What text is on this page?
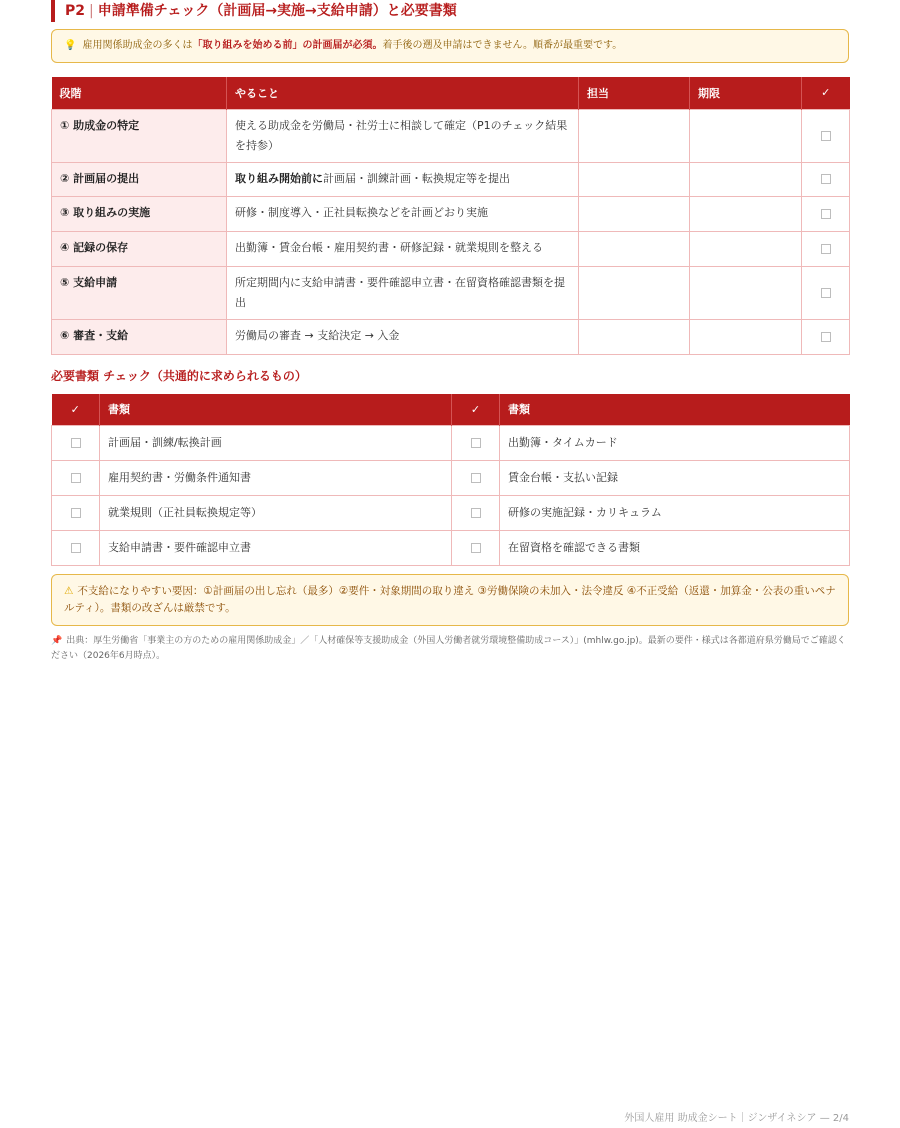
P2 | 申請準備チェック（計画届→実施→支給申請）と必要書類
💡 雇用関係助成金の多くは「取り組みを始める前」の計画届が必須。着手後の遡及申請はできません。順番が最重要です。
段階	やること	担当	期限	✓
① 助成金の特定	使える助成金を労働局・社労士に相談して確定（P1のチェック結果を持参）			
② 計画届の提出	取り組み開始前に計画届・訓練計画・転換規定等を提出			
③ 取り組みの実施	研修・制度導入・正社員転換などを計画どおり実施			
④ 記録の保存	出勤簿・賃金台帳・雇用契約書・研修記録・就業規則を整える			
⑤ 支給申請	所定期間内に支給申請書・要件確認申立書・在留資格確認書類を提出			
⑥ 審査・支給	労働局の審査 → 支給決定 → 入金			
必要書類 チェック（共通的に求められるもの）
✓	書類	✓	書類
	計画届・訓練/転換計画		出勤簿・タイムカード
	雇用契約書・労働条件通知書		賃金台帳・支払い記録
	就業規則（正社員転換規定等）		研修の実施記録・カリキュラム
	支給申請書・要件確認申立書		在留資格を確認できる書類
⚠ 不支給になりやすい要因：①計画届の出し忘れ（最多）②要件・対象期間の取り違え ③労働保険の未加入・法令違反 ④不正受給（返還・加算金・公表の重いペナルティ）。書類の改ざんは厳禁です。
📌 出典：厚生労働省「事業主の方のための雇用関係助成金」／「人材確保等支援助成金（外国人労働者就労環境整備助成コース）」(mhlw.go.jp)。最新の要件・様式は各都道府県労働局でご確認ください（2026年6月時点）。
外国人雇用 助成金シート｜ジンザイネシア — 2/4
